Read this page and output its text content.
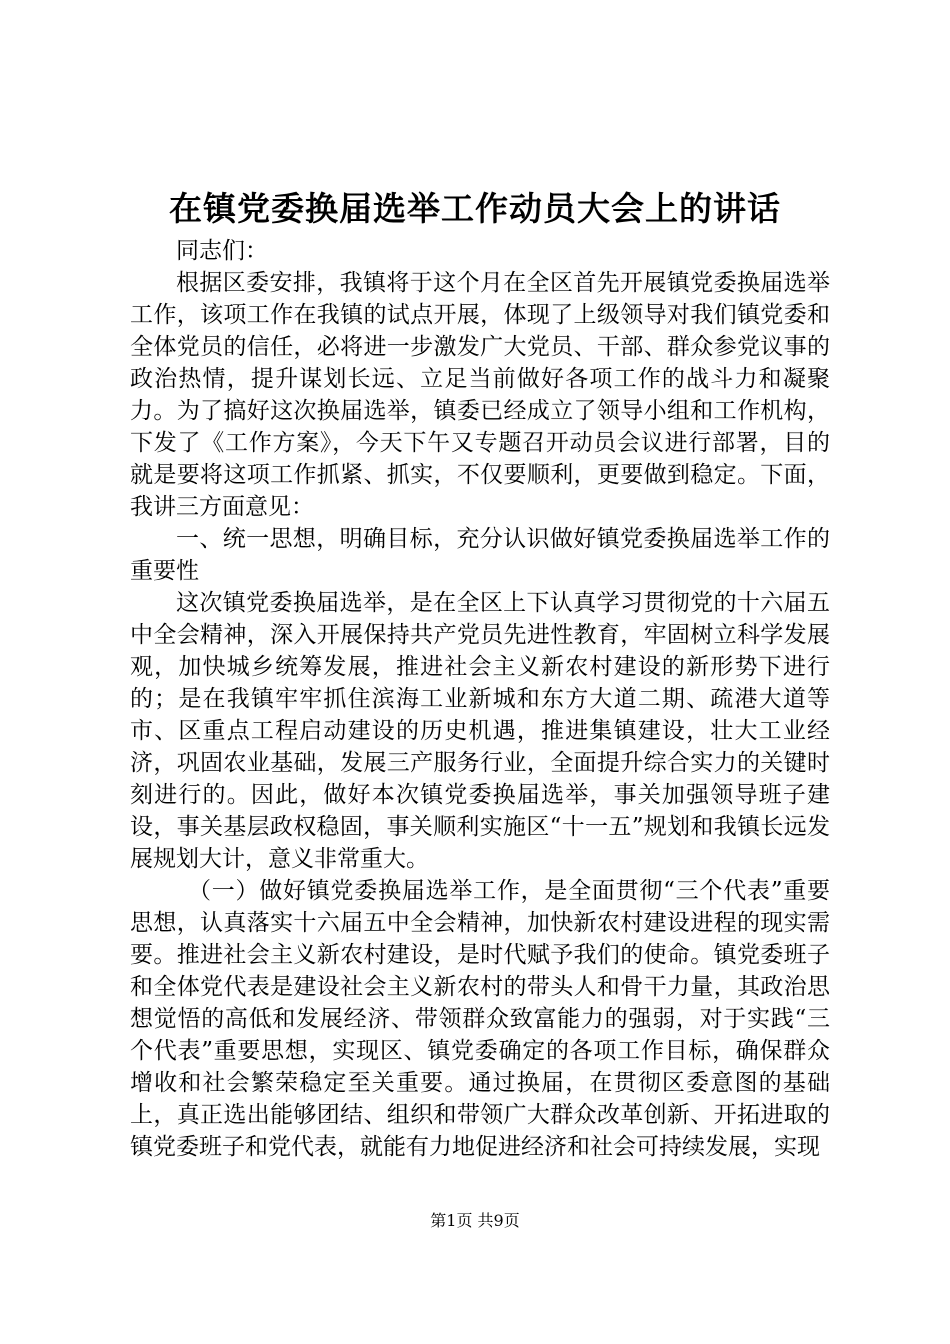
在镇党委换届选举工作动员大会上的讲话

同志们：

根据区委安排，我镇将于这个月在全区首先开展镇党委换届选举工作，该项工作在我镇的试点开展，体现了上级领导对我们镇党委和全体党员的信任，必将进一步激发广大党员、干部、群众参党议事的政治热情，提升谋划长远、立足当前做好各项工作的战斗力和凝聚力。为了搞好这次换届选举，镇委已经成立了领导小组和工作机构，下发了《工作方案》，今天下午又专题召开动员会议进行部署，目的就是要将这项工作抓紧、抓实，不仅要顺利，更要做到稳定。下面，我讲三方面意见：

一、统一思想，明确目标，充分认识做好镇党委换届选举工作的重要性

这次镇党委换届选举，是在全区上下认真学习贯彻党的十六届五中全会精神，深入开展保持共产党员先进性教育，牢固树立科学发展观，加快城乡统筹发展，推进社会主义新农村建设的新形势下进行的；是在我镇牢牢抓住滨海工业新城和东方大道二期、疏港大道等市、区重点工程启动建设的历史机遇，推进集镇建设，壮大工业经济，巩固农业基础，发展三产服务行业，全面提升综合实力的关键时刻进行的。因此，做好本次镇党委换届选举，事关加强领导班子建设，事关基层政权稳固，事关顺利实施区“十一五”规划和我镇长远发展规划大计，意义非常重大。

（一）做好镇党委换届选举工作，是全面贯彻“三个代表”重要思想，认真落实十六届五中全会精神，加快新农村建设进程的现实需要。推进社会主义新农村建设，是时代赋予我们的使命。镇党委班子和全体党代表是建设社会主义新农村的带头人和骨干力量，其政治思想觉悟的高低和发展经济、带领群众致富能力的强弱，对于实践“三个代表”重要思想，实现区、镇党委确定的各项工作目标，确保群众增收和社会繁荣稳定至关重要。通过换届，在贯彻区委意图的基础上，真正选出能够团结、组织和带领广大群众改革创新、开拓进取的镇党委班子和党代表，就能有力地促进经济和社会可持续发展，实现

第1页 共9页
